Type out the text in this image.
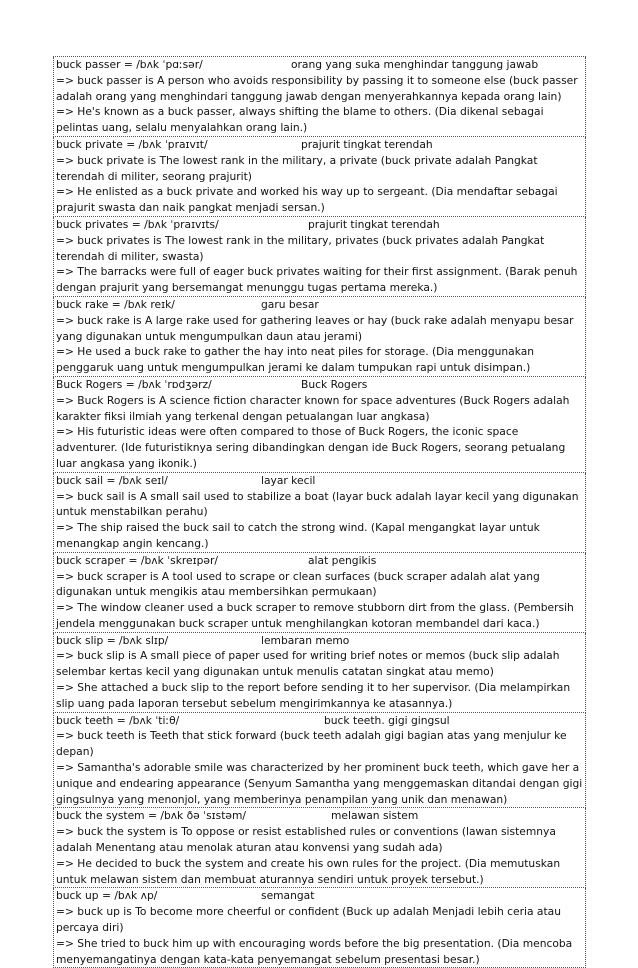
buck passer = /bʌk ˈpɑːsər/	orang yang suka menghindar tanggung jawab
=> buck passer is A person who avoids responsibility by passing it to someone else (buck passer adalah orang yang menghindari tanggung jawab dengan menyerahkannya kepada orang lain)
=> He's known as a buck passer, always shifting the blame to others. (Dia dikenal sebagai pelintas uang, selalu menyalahkan orang lain.)
buck private = /bʌk ˈpraɪvɪt/	prajurit tingkat terendah
=> buck private is The lowest rank in the military, a private (buck private adalah Pangkat terendah di militer, seorang prajurit)
=> He enlisted as a buck private and worked his way up to sergeant. (Dia mendaftar sebagai prajurit swasta dan naik pangkat menjadi sersan.)
buck privates = /bʌk ˈpraɪvɪts/	prajurit tingkat terendah
=> buck privates is The lowest rank in the military, privates (buck privates adalah Pangkat terendah di militer, swasta)
=> The barracks were full of eager buck privates waiting for their first assignment. (Barak penuh dengan prajurit yang bersemangat menunggu tugas pertama mereka.)
buck rake = /bʌk reɪk/	garu besar
=> buck rake is A large rake used for gathering leaves or hay (buck rake adalah menyapu besar yang digunakan untuk mengumpulkan daun atau jerami)
=> He used a buck rake to gather the hay into neat piles for storage. (Dia menggunakan penggaruk uang untuk mengumpulkan jerami ke dalam tumpukan rapi untuk disimpan.)
Buck Rogers = /bʌk ˈrɒdʒərz/	Buck Rogers
=> Buck Rogers is A science fiction character known for space adventures (Buck Rogers adalah karakter fiksi ilmiah yang terkenal dengan petualangan luar angkasa)
=> His futuristic ideas were often compared to those of Buck Rogers, the iconic space adventurer. (Ide futuristiknya sering dibandingkan dengan ide Buck Rogers, seorang petualang luar angkasa yang ikonik.)
buck sail = /bʌk seɪl/	layar kecil
=> buck sail is A small sail used to stabilize a boat (layar buck adalah layar kecil yang digunakan untuk menstabilkan perahu)
=> The ship raised the buck sail to catch the strong wind. (Kapal mengangkat layar untuk menangkap angin kencang.)
buck scraper = /bʌk ˈskreɪpər/	alat pengikis
=> buck scraper is A tool used to scrape or clean surfaces (buck scraper adalah alat yang digunakan untuk mengikis atau membersihkan permukaan)
=> The window cleaner used a buck scraper to remove stubborn dirt from the glass. (Pembersih jendela menggunakan buck scraper untuk menghilangkan kotoran membandel dari kaca.)
buck slip = /bʌk slɪp/	lembaran memo
=> buck slip is A small piece of paper used for writing brief notes or memos (buck slip adalah selembar kertas kecil yang digunakan untuk menulis catatan singkat atau memo)
=> She attached a buck slip to the report before sending it to her supervisor. (Dia melampirkan slip uang pada laporan tersebut sebelum mengirimkannya ke atasannya.)
buck teeth = /bʌk ˈtiːθ/	buck teeth. gigi gingsul
=> buck teeth is Teeth that stick forward (buck teeth adalah gigi bagian atas yang menjulur ke depan)
=> Samantha's adorable smile was characterized by her prominent buck teeth, which gave her a unique and endearing appearance (Senyum Samantha yang menggemaskan ditandai dengan gigi gingsulnya yang menonjol, yang memberinya penampilan yang unik dan menawan)
buck the system = /bʌk ðə ˈsɪstəm/	melawan sistem
=> buck the system is To oppose or resist established rules or conventions (lawan sistemnya adalah Menentang atau menolak aturan atau konvensi yang sudah ada)
=> He decided to buck the system and create his own rules for the project. (Dia memutuskan untuk melawan sistem dan membuat aturannya sendiri untuk proyek tersebut.)
buck up = /bʌk ʌp/	semangat
=> buck up is To become more cheerful or confident (Buck up adalah Menjadi lebih ceria atau percaya diri)
=> She tried to buck him up with encouraging words before the big presentation. (Dia mencoba menyemangatinya dengan kata-kata penyemangat sebelum presentasi besar.)
